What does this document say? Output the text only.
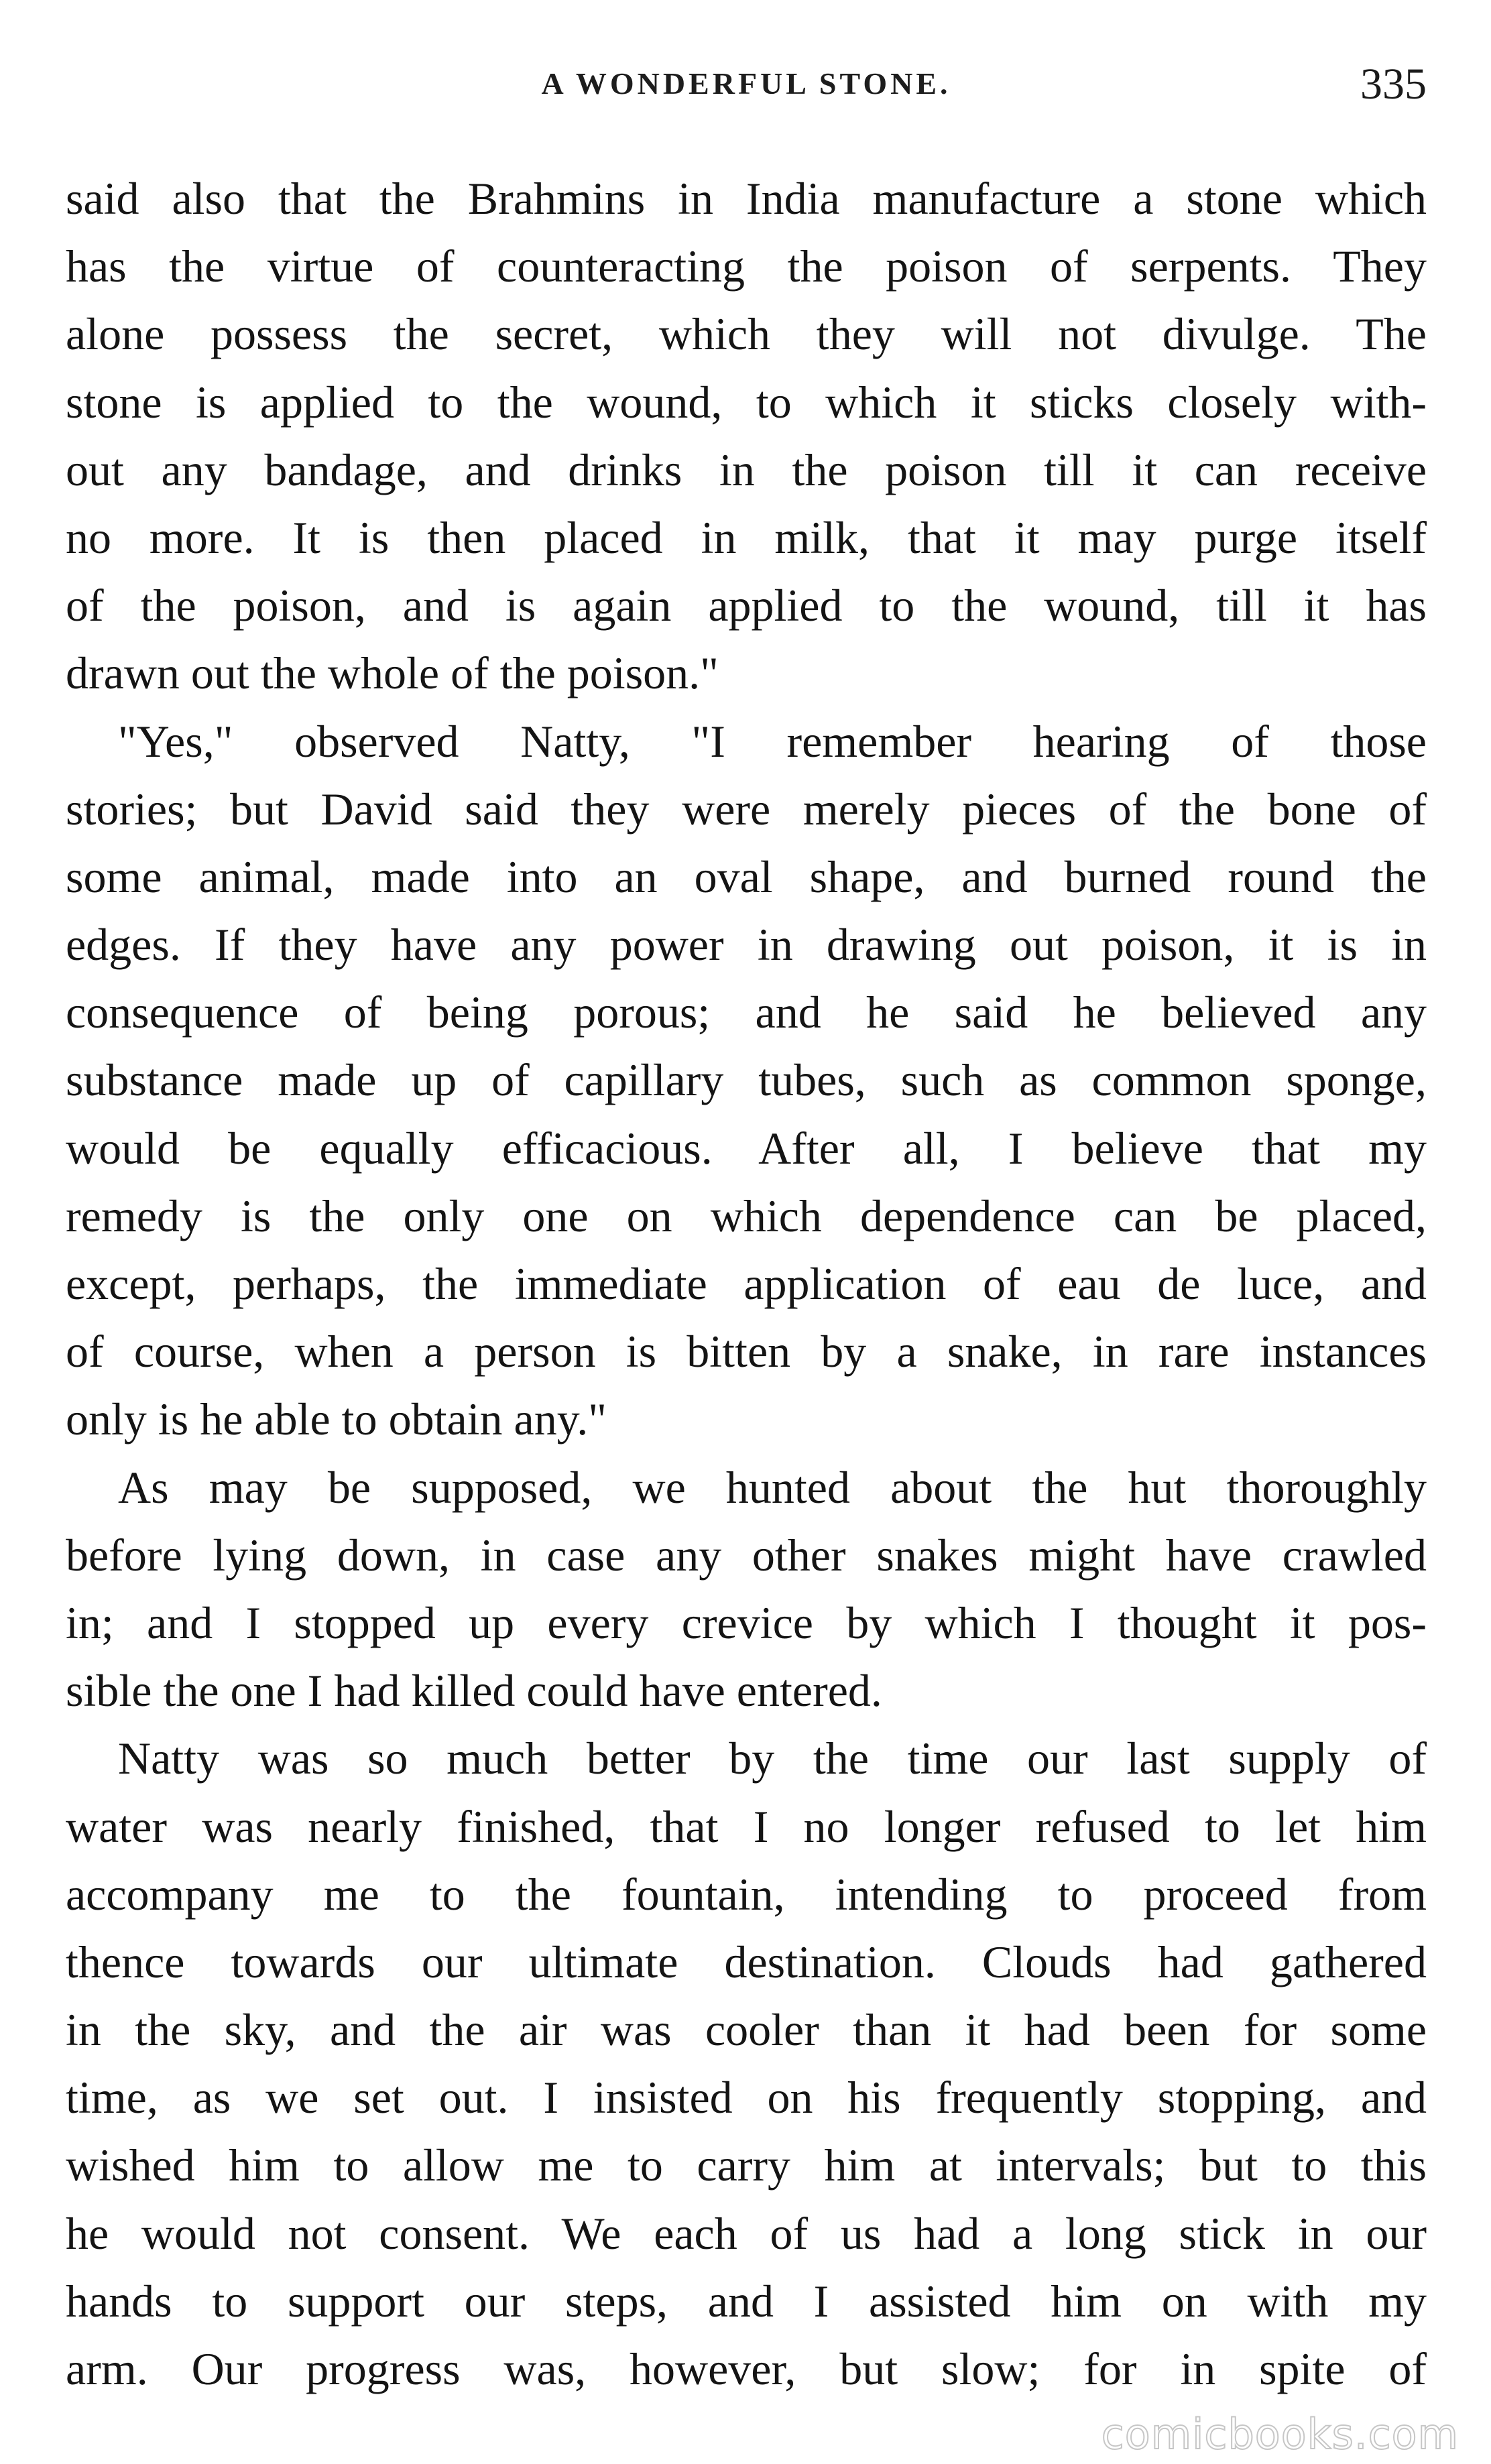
A WONDERFUL STONE.	335
said also that the Brahmins in India manufacture a stone which
has the virtue of counteracting the poison of serpents. They
alone possess the secret, which they will not divulge. The
stone is applied to the wound, to which it sticks closely with-
out any bandage, and drinks in the poison till it can receive
no more. It is then placed in milk, that it may purge itself
of the poison, and is again applied to the wound, till it has
drawn out the whole of the poison."
"Yes," observed Natty, "I remember hearing of those
stories; but David said they were merely pieces of the bone of
some animal, made into an oval shape, and burned round the
edges. If they have any power in drawing out poison, it is in
consequence of being porous; and he said he believed any
substance made up of capillary tubes, such as common sponge,
would be equally efficacious. After all, I believe that my
remedy is the only one on which dependence can be placed,
except, perhaps, the immediate application of eau de luce, and
of course, when a person is bitten by a snake, in rare instances
only is he able to obtain any."
As may be supposed, we hunted about the hut thoroughly
before lying down, in case any other snakes might have crawled
in; and I stopped up every crevice by which I thought it pos-
sible the one I had killed could have entered.
Natty was so much better by the time our last supply of
water was nearly finished, that I no longer refused to let him
accompany me to the fountain, intending to proceed from
thence towards our ultimate destination. Clouds had gathered
in the sky, and the air was cooler than it had been for some
time, as we set out. I insisted on his frequently stopping, and
wished him to allow me to carry him at intervals; but to this
he would not consent. We each of us had a long stick in our
hands to support our steps, and I assisted him on with my
arm. Our progress was, however, but slow; for in spite of
comicbooks.com
